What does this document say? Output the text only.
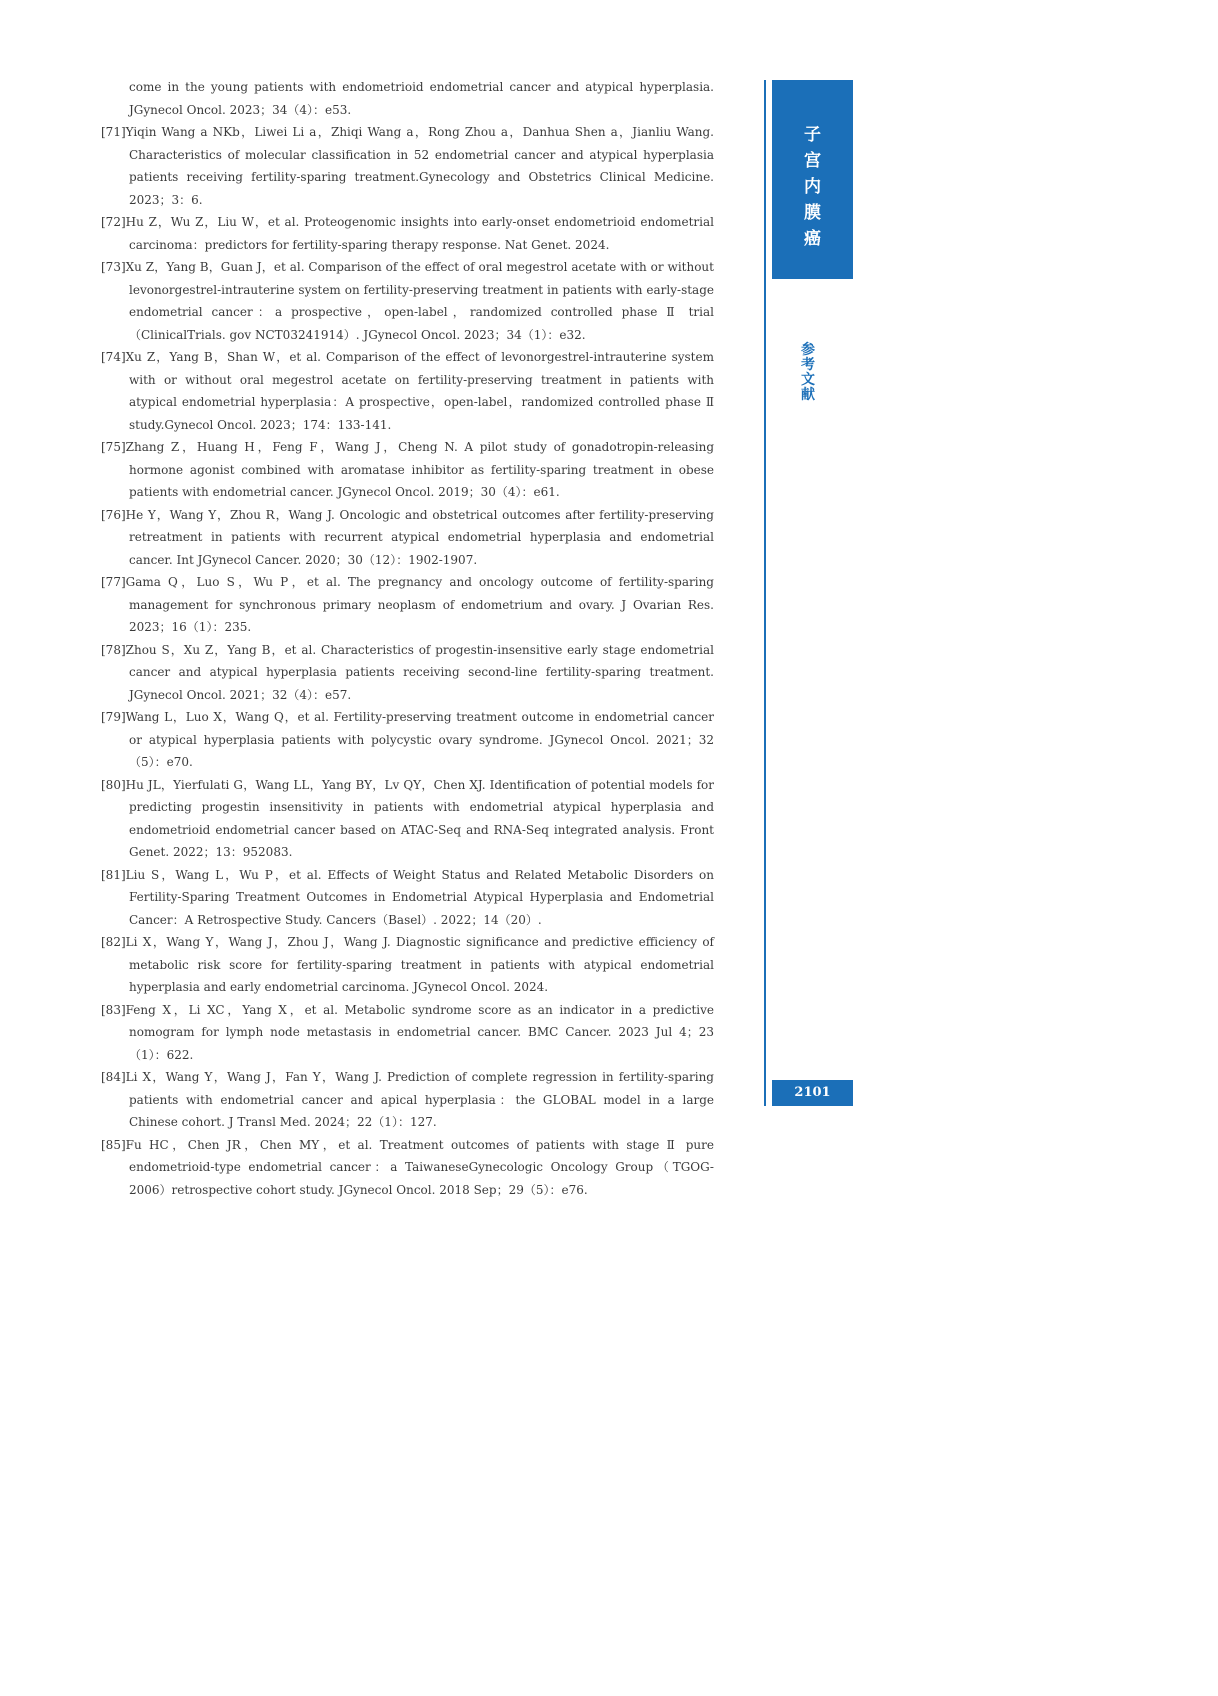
come in the young patients with endometrioid endometrial cancer and atypical hyperplasia. JGynecol Oncol. 2023；34（4）：e53.
[71]Yiqin Wang a NKb，Liwei Li a，Zhiqi Wang a，Rong Zhou a，Danhua Shen a，Jianliu Wang. Characteristics of molecular classification in 52 endometrial cancer and atypical hyperplasia patients receiving fertility-sparing treatment.Gynecology and Obstetrics Clinical Medicine. 2023；3：6.
[72]Hu Z，Wu Z，Liu W，et al. Proteogenomic insights into early-onset endometrioid endometrial carcinoma：predictors for fertility-sparing therapy response. Nat Genet. 2024.
[73]Xu Z，Yang B，Guan J，et al. Comparison of the effect of oral megestrol acetate with or without levonorgestrel-intrauterine system on fertility-preserving treatment in patients with early-stage endometrial cancer：a prospective，open-label，randomized controlled phase Ⅱ trial（ClinicalTrials. gov NCT03241914）. JGynecol Oncol. 2023；34（1）：e32.
[74]Xu Z，Yang B，Shan W，et al. Comparison of the effect of levonorgestrel-intrauterine system with or without oral megestrol acetate on fertility-preserving treatment in patients with atypical endometrial hyperplasia：A prospective，open-label，randomized controlled phase Ⅱ study.Gynecol Oncol. 2023；174：133-141.
[75]Zhang Z，Huang H，Feng F，Wang J，Cheng N. A pilot study of gonadotropin-releasing hormone agonist combined with aromatase inhibitor as fertility-sparing treatment in obese patients with endometrial cancer. JGynecol Oncol. 2019；30（4）：e61.
[76]He Y，Wang Y，Zhou R，Wang J. Oncologic and obstetrical outcomes after fertility-preserving retreatment in patients with recurrent atypical endometrial hyperplasia and endometrial cancer. Int JGynecol Cancer. 2020；30（12）：1902-1907.
[77]Gama Q，Luo S，Wu P，et al. The pregnancy and oncology outcome of fertility-sparing management for synchronous primary neoplasm of endometrium and ovary. J Ovarian Res. 2023；16（1）：235.
[78]Zhou S，Xu Z，Yang B，et al. Characteristics of progestin-insensitive early stage endometrial cancer and atypical hyperplasia patients receiving second-line fertility-sparing treatment. JGynecol Oncol. 2021；32（4）：e57.
[79]Wang L，Luo X，Wang Q，et al. Fertility-preserving treatment outcome in endometrial cancer or atypical hyperplasia patients with polycystic ovary syndrome. JGynecol Oncol. 2021；32（5）：e70.
[80]Hu JL，Yierfulati G，Wang LL，Yang BY，Lv QY，Chen XJ. Identification of potential models for predicting progestin insensitivity in patients with endometrial atypical hyperplasia and endometrioid endometrial cancer based on ATAC-Seq and RNA-Seq integrated analysis. Front Genet. 2022；13：952083.
[81]Liu S，Wang L，Wu P，et al. Effects of Weight Status and Related Metabolic Disorders on Fertility-Sparing Treatment Outcomes in Endometrial Atypical Hyperplasia and Endometrial Cancer：A Retrospective Study. Cancers（Basel）. 2022；14（20）.
[82]Li X，Wang Y，Wang J，Zhou J，Wang J. Diagnostic significance and predictive efficiency of metabolic risk score for fertility-sparing treatment in patients with atypical endometrial hyperplasia and early endometrial carcinoma. JGynecol Oncol. 2024.
[83]Feng X，Li XC，Yang X，et al. Metabolic syndrome score as an indicator in a predictive nomogram for lymph node metastasis in endometrial cancer. BMC Cancer. 2023 Jul 4；23（1）：622.
[84]Li X，Wang Y，Wang J，Fan Y，Wang J. Prediction of complete regression in fertility-sparing patients with endometrial cancer and apical hyperplasia：the GLOBAL model in a large Chinese cohort. J Transl Med. 2024；22（1）：127.
[85]Fu HC，Chen JR，Chen MY，et al. Treatment outcomes of patients with stage Ⅱ pure endometrioid-type endometrial cancer：a TaiwaneseGynecologic Oncology Group（TGOG-2006）retrospective cohort study. JGynecol Oncol. 2018 Sep；29（5）：e76.
子
宫
内
膜
癌
参
考
文
献
2101
